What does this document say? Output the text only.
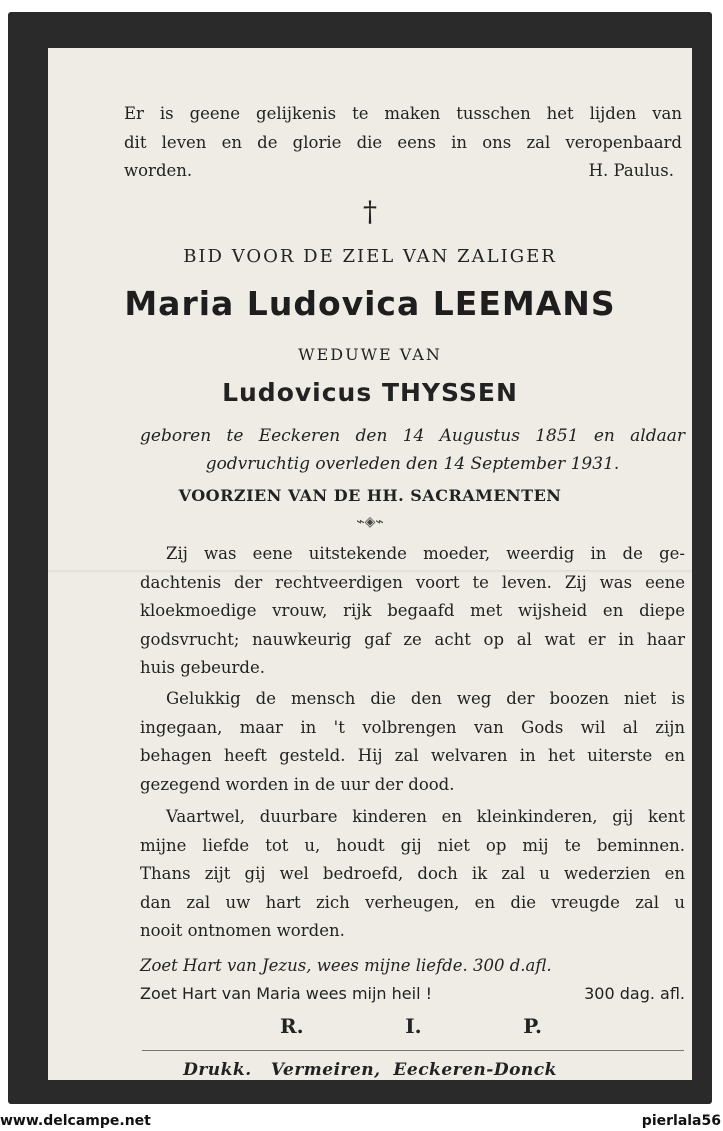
Er is geene gelijkenis te maken tusschen het lijden van
dit leven en de glorie die eens in ons zal veropenbaard
worden.	H. Paulus.
†
BID VOOR DE ZIEL VAN ZALIGER
Maria Ludovica LEEMANS
WEDUWE VAN
Ludovicus THYSSEN
geboren te Eeckeren den 14 Augustus 1851 en aldaar
godvruchtig overleden den 14 September 1931.
VOORZIEN VAN DE HH. SACRAMENTEN
⌁◈⌁
Zij was eene uitstekende moeder, weerdig in de ge-
dachtenis der rechtveerdigen voort te leven. Zij was eene
kloekmoedige vrouw, rijk begaafd met wijsheid en diepe
godsvrucht; nauwkeurig gaf ze acht op al wat er in haar
huis gebeurde.
Gelukkig de mensch die den weg der boozen niet is
ingegaan, maar in 't volbrengen van Gods wil al zijn
behagen heeft gesteld. Hij zal welvaren in het uiterste en
gezegend worden in de uur der dood.
Vaartwel, duurbare kinderen en kleinkinderen, gij kent
mijne liefde tot u, houdt gij niet op mij te beminnen.
Thans zijt gij wel bedroefd, doch ik zal u wederzien en
dan zal uw hart zich verheugen, en die vreugde zal u
nooit ontnomen worden.
Zoet Hart van Jezus, wees mijne liefde. 300 d.afl.
Zoet Hart van Maria wees mijn heil !	300 dag. afl.
R.	I.	P.
Drukk.   Vermeiren,  Eeckeren-Donck
www.delcampe.net	pierlala56
